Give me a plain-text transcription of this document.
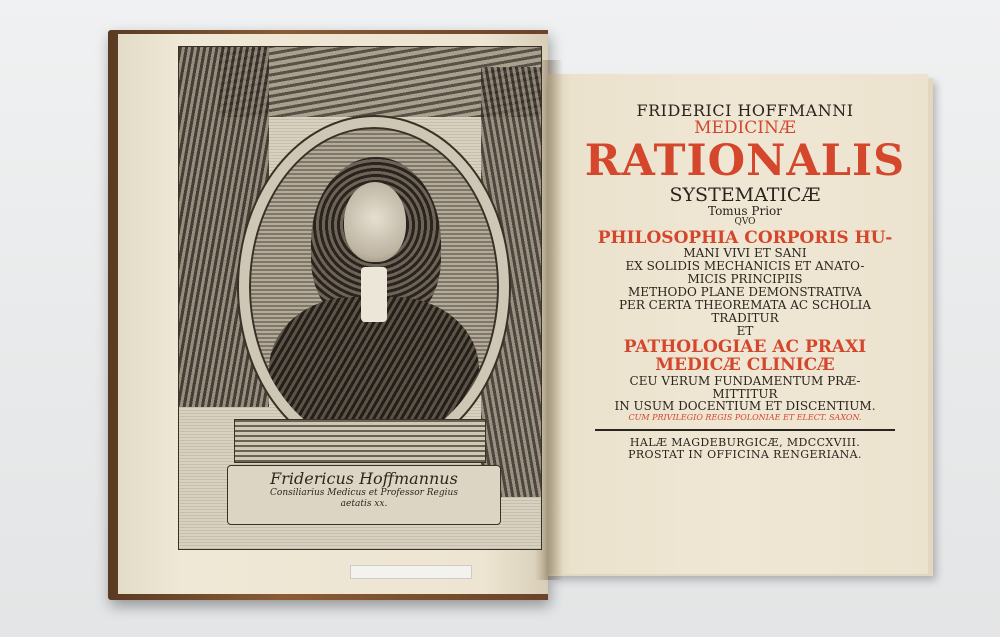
Fridericus Hoffmannus
Consiliarius Medicus et Professor Regius
aetatis xx.
FRIDERICI HOFFMANNI
MEDICINÆ
RATIONALIS
SYSTEMATICÆ
Tomus Prior
QVO
PHILOSOPHIA CORPORIS HU-
MANI VIVI ET SANI
EX SOLIDIS MECHANICIS ET ANATO-
MICIS PRINCIPIIS
METHODO PLANE DEMONSTRATIVA
PER CERTA THEOREMATA AC SCHOLIA
TRADITUR
ET
PATHOLOGIAE AC PRAXI
MEDICÆ CLINICÆ
CEU VERUM FUNDAMENTUM PRÆ-
MITTITUR
IN USUM DOCENTIUM ET DISCENTIUM.
CUM PRIVILEGIO REGIS POLONIAE ET ELECT. SAXON.
HALÆ MAGDEBURGICÆ, MDCCXVIII.
PROSTAT IN OFFICINA RENGERIANA.
